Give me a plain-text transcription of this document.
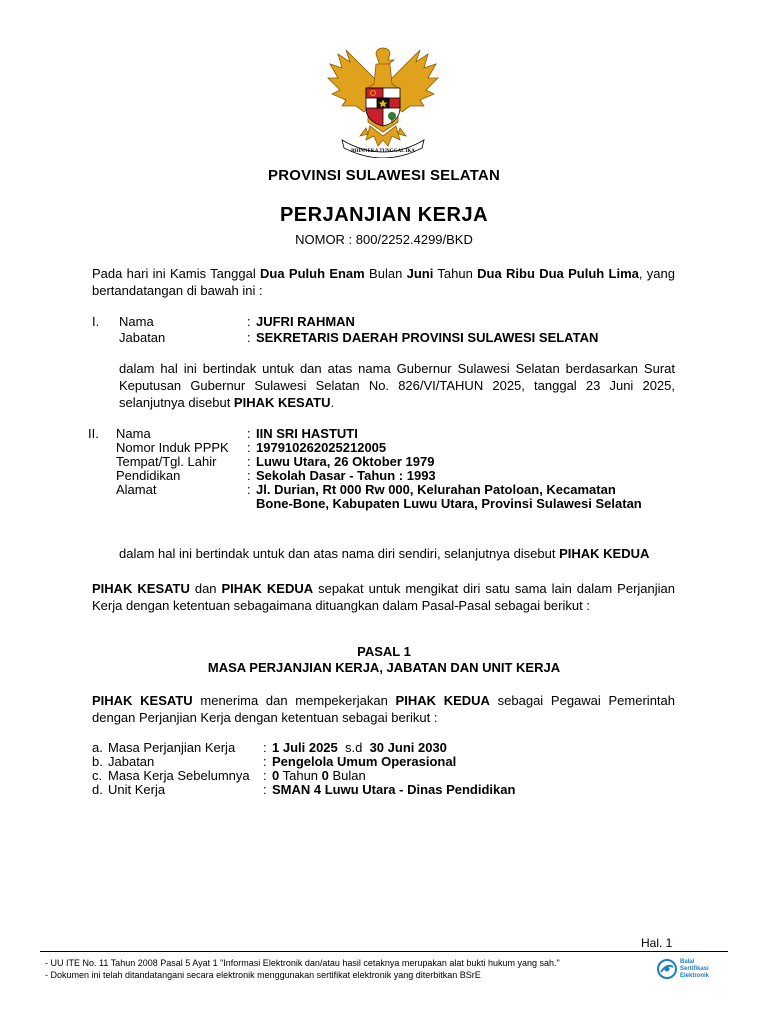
BHINNEKA TUNGGAL IKA
PROVINSI SULAWESI SELATAN
PERJANJIAN KERJA
NOMOR : 800/2252.4299/BKD
Pada hari ini Kamis Tanggal Dua Puluh Enam Bulan Juni Tahun Dua Ribu Dua Puluh Lima, yang bertandatangan di bawah ini :
I. Nama	: JUFRI RAHMAN
Jabatan	: SEKRETARIS DAERAH PROVINSI SULAWESI SELATAN
dalam hal ini bertindak untuk dan atas nama Gubernur Sulawesi Selatan berdasarkan Surat Keputusan Gubernur Sulawesi Selatan No. 826/VI/TAHUN 2025, tanggal 23 Juni 2025, selanjutnya disebut PIHAK KESATU.
II. Nama	: IIN SRI HASTUTI
Nomor Induk PPPK : 197910262025212005
Tempat/Tgl. Lahir : Luwu Utara, 26 Oktober 1979
Pendidikan	: Sekolah Dasar - Tahun : 1993
Alamat	: Jl. Durian, Rt 000 Rw 000, Kelurahan Patoloan, Kecamatan
Bone-Bone, Kabupaten Luwu Utara, Provinsi Sulawesi Selatan
dalam hal ini bertindak untuk dan atas nama diri sendiri, selanjutnya disebut PIHAK KEDUA
PIHAK KESATU dan PIHAK KEDUA sepakat untuk mengikat diri satu sama lain dalam Perjanjian Kerja dengan ketentuan sebagaimana dituangkan dalam Pasal-Pasal sebagai berikut :
PASAL 1
MASA PERJANJIAN KERJA, JABATAN DAN UNIT KERJA
PIHAK KESATU menerima dan mempekerjakan PIHAK KEDUA sebagai Pegawai Pemerintah dengan Perjanjian Kerja dengan ketentuan sebagai berikut :
a. Masa Perjanjian Kerja : 1 Juli 2025  s.d  30 Juni 2030
b. Jabatan	: Pengelola Umum Operasional
c. Masa Kerja Sebelumnya : 0 Tahun 0 Bulan
d. Unit Kerja	: SMAN 4 Luwu Utara - Dinas Pendidikan
Hal. 1
- UU ITE No. 11 Tahun 2008 Pasal 5 Ayat 1 "Informasi Elektronik dan/atau hasil cetaknya merupakan alat bukti hukum yang sah."
- Dokumen ini telah ditandatangani secara elektronik menggunakan sertifikat elektronik yang diterbitkan BSrE
Balai
Sertifikasi
Elektronik
